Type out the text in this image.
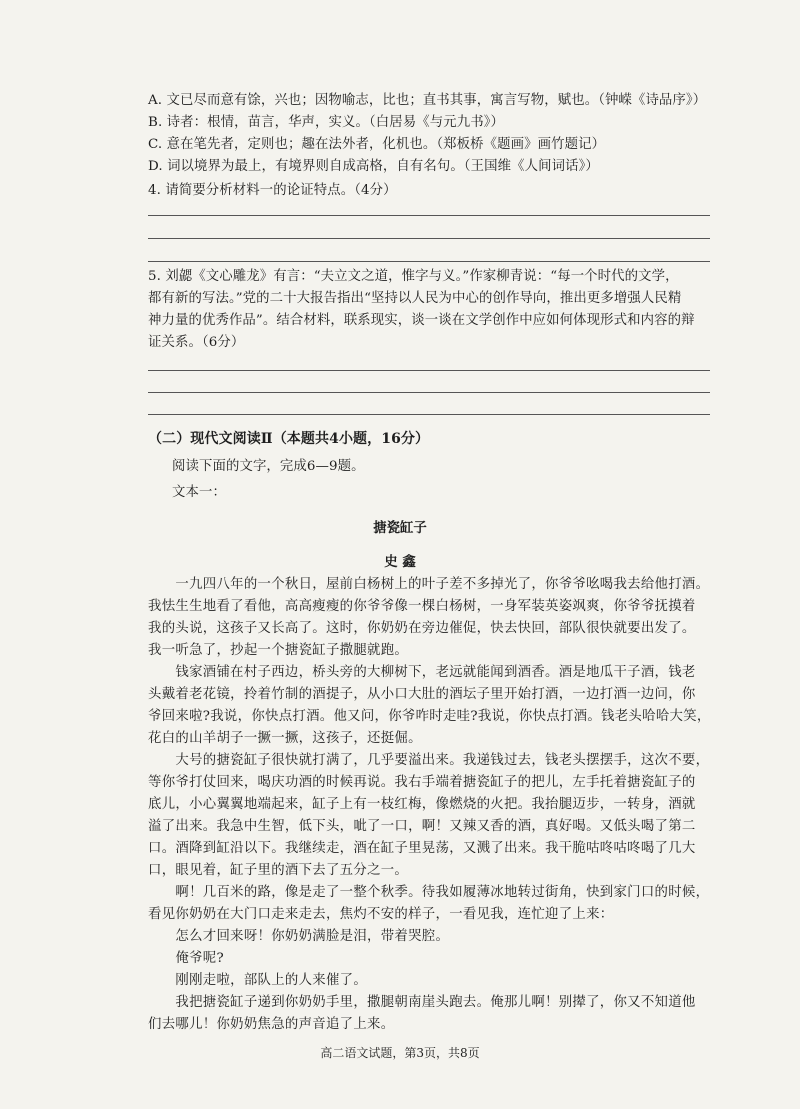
A. 文已尽而意有馀，兴也；因物喻志，比也；直书其事，寓言写物，赋也。（钟嵘《诗品序》）
B. 诗者：根情，苗言，华声，实义。（白居易《与元九书》）
C. 意在笔先者，定则也；趣在法外者，化机也。（郑板桥《题画》画竹题记）
D. 词以境界为最上，有境界则自成高格，自有名句。（王国维《人间词话》）
4. 请简要分析材料一的论证特点。（4分）
5. 刘勰《文心雕龙》有言：“夫立文之道，惟字与义。”作家柳青说：“每一个时代的文学，
都有新的写法。”党的二十大报告指出“坚持以人民为中心的创作导向，推出更多增强人民精
神力量的优秀作品”。结合材料，联系现实，谈一谈在文学创作中应如何体现形式和内容的辩
证关系。（6分）
（二）现代文阅读Ⅱ（本题共4小题，16分）
阅读下面的文字，完成6—9题。
文本一：
搪瓷缸子
史 鑫
　　一九四八年的一个秋日，屋前白杨树上的叶子差不多掉光了，你爷爷吆喝我去给他打酒。
我怯生生地看了看他，高高瘦瘦的你爷爷像一棵白杨树，一身军装英姿飒爽，你爷爷抚摸着
我的头说，这孩子又长高了。这时，你奶奶在旁边催促，快去快回，部队很快就要出发了。
我一听急了，抄起一个搪瓷缸子撒腿就跑。
　　钱家酒铺在村子西边，桥头旁的大柳树下，老远就能闻到酒香。酒是地瓜干子酒，钱老
头戴着老花镜，拎着竹制的酒提子，从小口大肚的酒坛子里开始打酒，一边打酒一边问，你
爷回来啦?我说，你快点打酒。他又问，你爷咋时走哇?我说，你快点打酒。钱老头哈哈大笑，
花白的山羊胡子一撅一撅，这孩子，还挺倔。
　　大号的搪瓷缸子很快就打满了，几乎要溢出来。我递钱过去，钱老头摆摆手，这次不要，
等你爷打仗回来，喝庆功酒的时候再说。我右手端着搪瓷缸子的把儿，左手托着搪瓷缸子的
底儿，小心翼翼地端起来，缸子上有一枝红梅，像燃烧的火把。我抬腿迈步，一转身，酒就
溢了出来。我急中生智，低下头，呲了一口，啊！又辣又香的酒，真好喝。又低头喝了第二
口。酒降到缸沿以下。我继续走，酒在缸子里晃荡，又溅了出来。我干脆咕咚咕咚喝了几大
口，眼见着，缸子里的酒下去了五分之一。
　　啊！几百米的路，像是走了一整个秋季。待我如履薄冰地转过街角，快到家门口的时候，
看见你奶奶在大门口走来走去，焦灼不安的样子，一看见我，连忙迎了上来：
　　怎么才回来呀！你奶奶满脸是泪，带着哭腔。
　　俺爷呢?
　　刚刚走啦，部队上的人来催了。
　　我把搪瓷缸子递到你奶奶手里，撒腿朝南崖头跑去。俺那儿啊！别撵了，你又不知道他
们去哪儿！你奶奶焦急的声音追了上来。
高二语文试题，第3页，共8页
